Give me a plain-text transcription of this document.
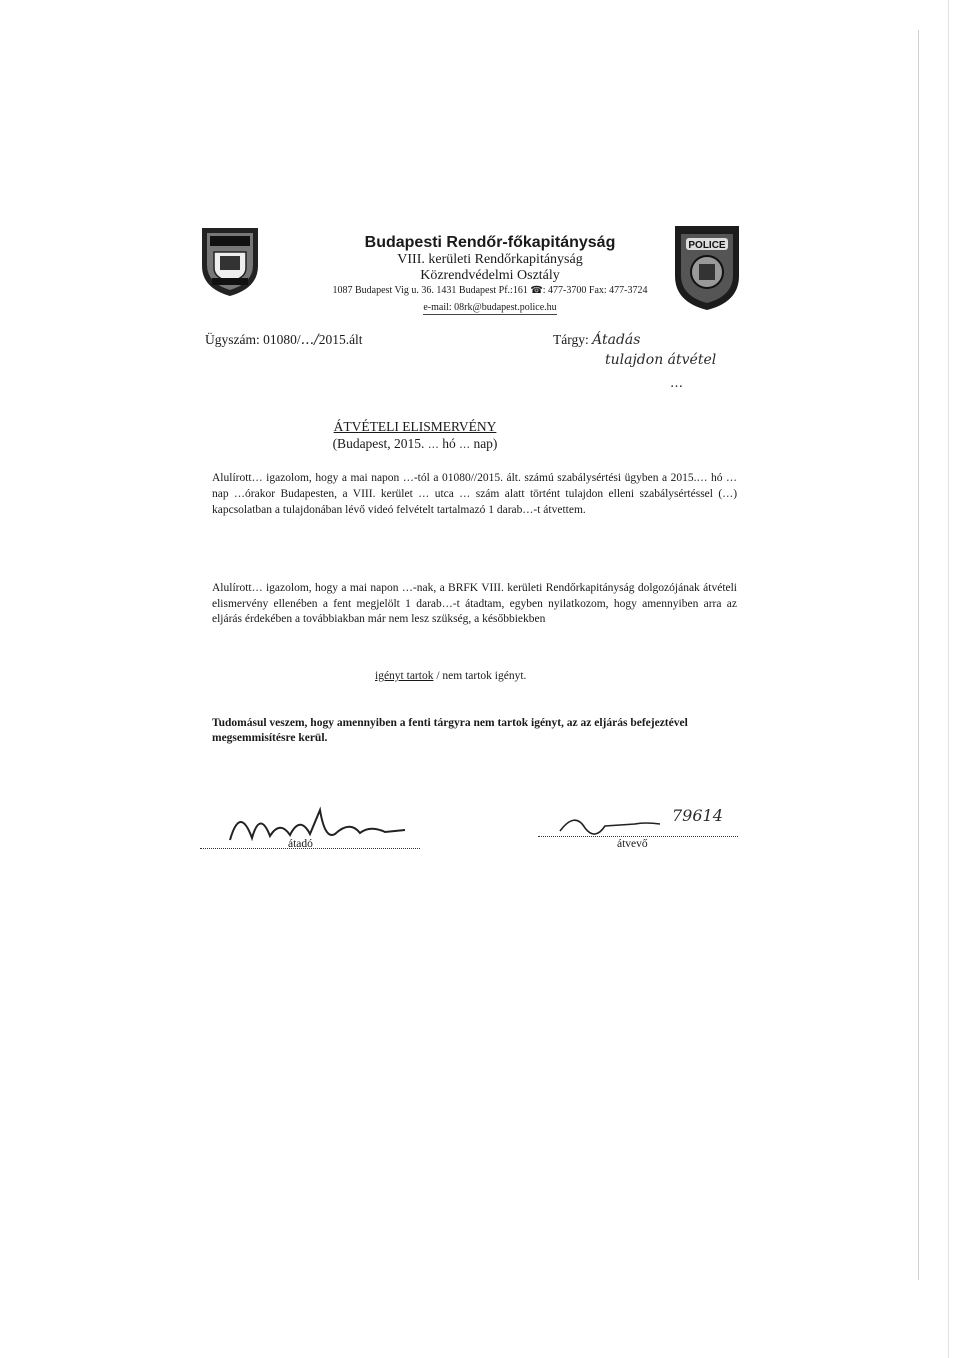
POLICE
Budapesti Rendőr-főkapitányság
VIII. kerületi Rendőrkapitányság
Közrendvédelmi Osztály
1087 Budapest Vig u. 36. 1431 Budapest Pf.:161 ☎: 477-3700 Fax: 477-3724
e-mail: 08rk@budapest.police.hu
Ügyszám: 01080/…/2015.ált	Tárgy: Átadás
tulajdon átvétel
…
ÁTVÉTELI ELISMERVÉNY
(Budapest, 2015. … hó … nap)
Alulírott… igazolom, hogy a mai napon …-tól a 01080//2015. ált. számú szabálysértési ügyben a 2015.… hó … nap …órakor Budapesten, a VIII. kerület … utca … szám alatt történt tulajdon elleni szabálysértéssel (…) kapcsolatban a tulajdonában lévő videó felvételt tartalmazó 1 darab…-t átvettem.
Alulírott… igazolom, hogy a mai napon …-nak, a BRFK VIII. kerületi Rendőrkapitányság dolgozójának átvételi elismervény ellenében a fent megjelölt 1 darab…-t átadtam, egyben nyilatkozom, hogy amennyiben arra az eljárás érdekében a továbbiakban már nem lesz szükség, a későbbiekben
igényt tartok / nem tartok igényt.
Tudomásul veszem, hogy amennyiben a fenti tárgyra nem tartok igényt, az az eljárás befejeztével megsemmisítésre kerül.
átadó
79614
átvevő
